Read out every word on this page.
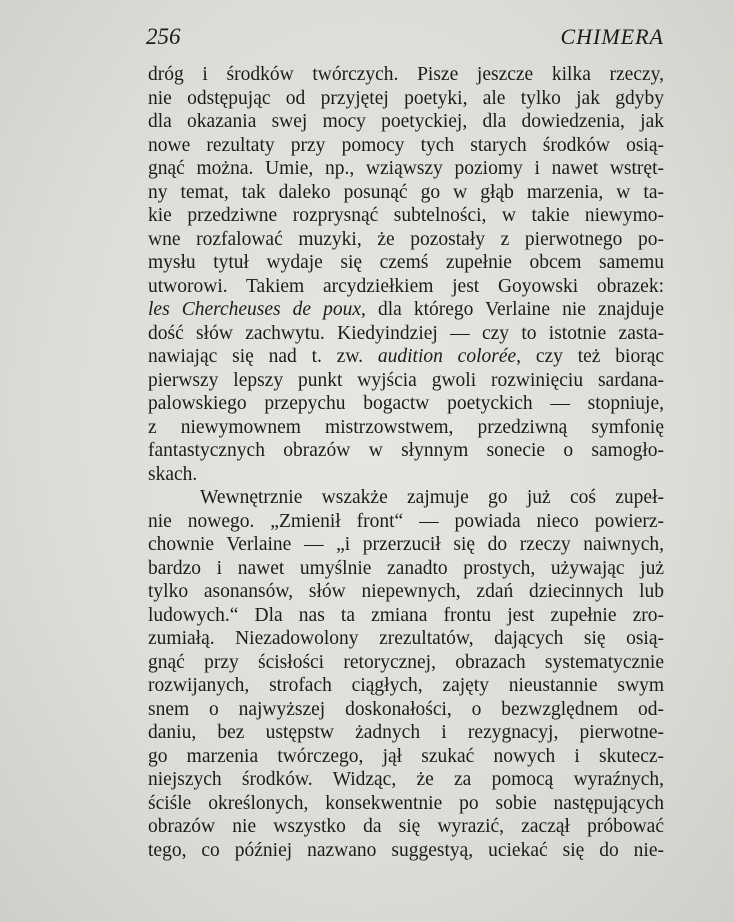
256	CHIMERA
dróg i środków twórczych. Pisze jeszcze kilka rzeczy,
nie odstępując od przyjętej poetyki, ale tylko jak gdyby
dla okazania swej mocy poetyckiej, dla dowiedzenia, jak
nowe rezultaty przy pomocy tych starych środków osią-
gnąć można. Umie, np., wziąwszy poziomy i nawet wstręt-
ny temat, tak daleko posunąć go w głąb marzenia, w ta-
kie przedziwne rozprysnąć subtelności, w takie niewymo-
wne rozfalować muzyki, że pozostały z pierwotnego po-
mysłu tytuł wydaje się czemś zupełnie obcem samemu
utworowi. Takiem arcydziełkiem jest Goyowski obrazek:
les Chercheuses de poux, dla którego Verlaine nie znajduje
dość słów zachwytu. Kiedyindziej — czy to istotnie zasta-
nawiając się nad t. zw. audition colorée, czy też biorąc
pierwszy lepszy punkt wyjścia gwoli rozwinięciu sardana-
palowskiego przepychu bogactw poetyckich — stopniuje,
z niewymownem mistrzowstwem, przedziwną symfonię
fantastycznych obrazów w słynnym sonecie o samogło-
skach.
Wewnętrznie wszakże zajmuje go już coś zupeł-
nie nowego. „Zmienił front“ — powiada nieco powierz-
chownie Verlaine — „i przerzucił się do rzeczy naiwnych,
bardzo i nawet umyślnie zanadto prostych, używając już
tylko asonansów, słów niepewnych, zdań dziecinnych lub
ludowych.“ Dla nas ta zmiana frontu jest zupełnie zro-
zumiałą. Niezadowolony zrezultatów, dających się osią-
gnąć przy ścisłości retorycznej, obrazach systematycznie
rozwijanych, strofach ciągłych, zajęty nieustannie swym
snem o najwyższej doskonałości, o bezwzględnem od-
daniu, bez ustępstw żadnych i rezygnacyj, pierwotne-
go marzenia twórczego, jął szukać nowych i skutecz-
niejszych środków. Widząc, że za pomocą wyraźnych,
ściśle określonych, konsekwentnie po sobie następujących
obrazów nie wszystko da się wyrazić, zaczął próbować
tego, co później nazwano suggestyą, uciekać się do nie-
